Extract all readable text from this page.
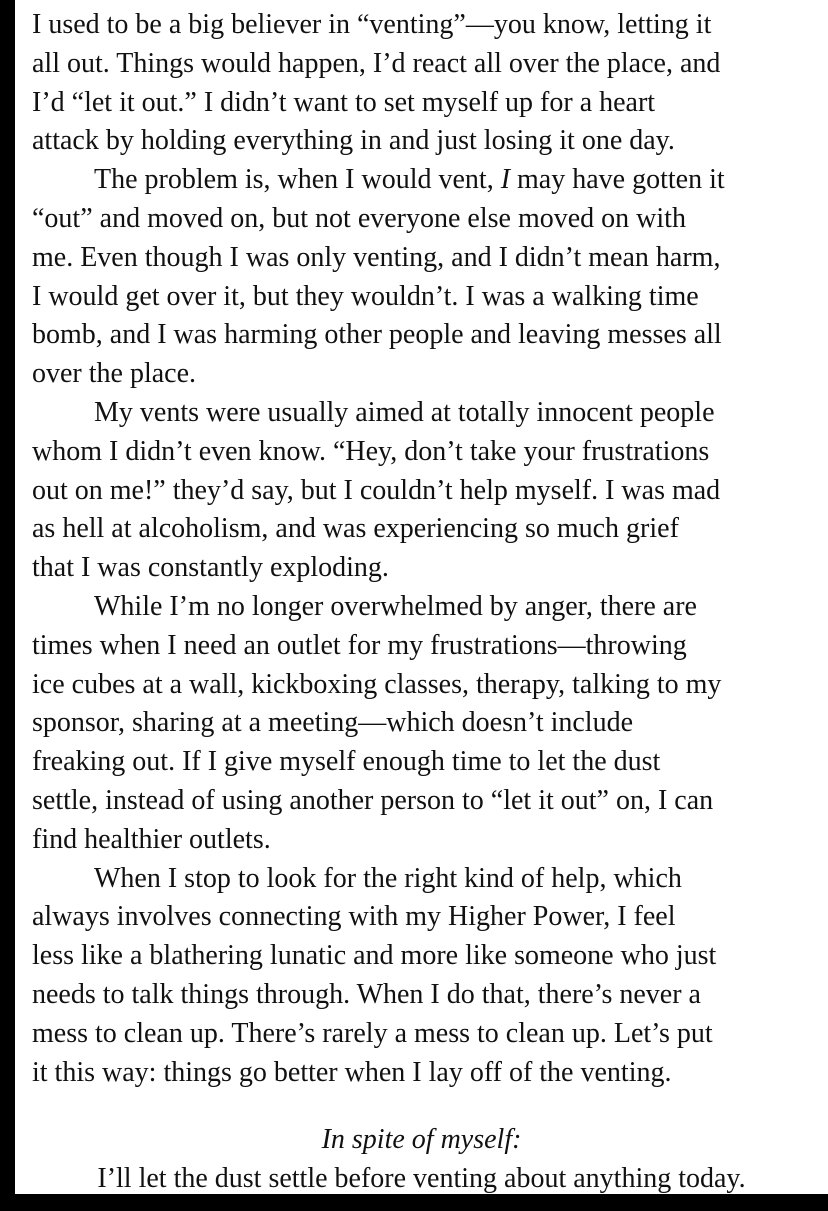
I used to be a big believer in “venting”—you know, letting it
all out. Things would happen, I’d react all over the place, and
I’d “let it out.” I didn’t want to set myself up for a heart
attack by holding everything in and just losing it one day.
The problem is, when I would vent, I may have gotten it
“out” and moved on, but not everyone else moved on with
me. Even though I was only venting, and I didn’t mean harm,
I would get over it, but they wouldn’t. I was a walking time
bomb, and I was harming other people and leaving messes all
over the place.
My vents were usually aimed at totally innocent people
whom I didn’t even know. “Hey, don’t take your frustrations
out on me!” they’d say, but I couldn’t help myself. I was mad
as hell at alcoholism, and was experiencing so much grief
that I was constantly exploding.
While I’m no longer overwhelmed by anger, there are
times when I need an outlet for my frustrations—throwing
ice cubes at a wall, kickboxing classes, therapy, talking to my
sponsor, sharing at a meeting—which doesn’t include
freaking out. If I give myself enough time to let the dust
settle, instead of using another person to “let it out” on, I can
find healthier outlets.
When I stop to look for the right kind of help, which
always involves connecting with my Higher Power, I feel
less like a blathering lunatic and more like someone who just
needs to talk things through. When I do that, there’s never a
mess to clean up. There’s rarely a mess to clean up. Let’s put
it this way: things go better when I lay off of the venting.
In spite of myself:
I’ll let the dust settle before venting about anything today.
